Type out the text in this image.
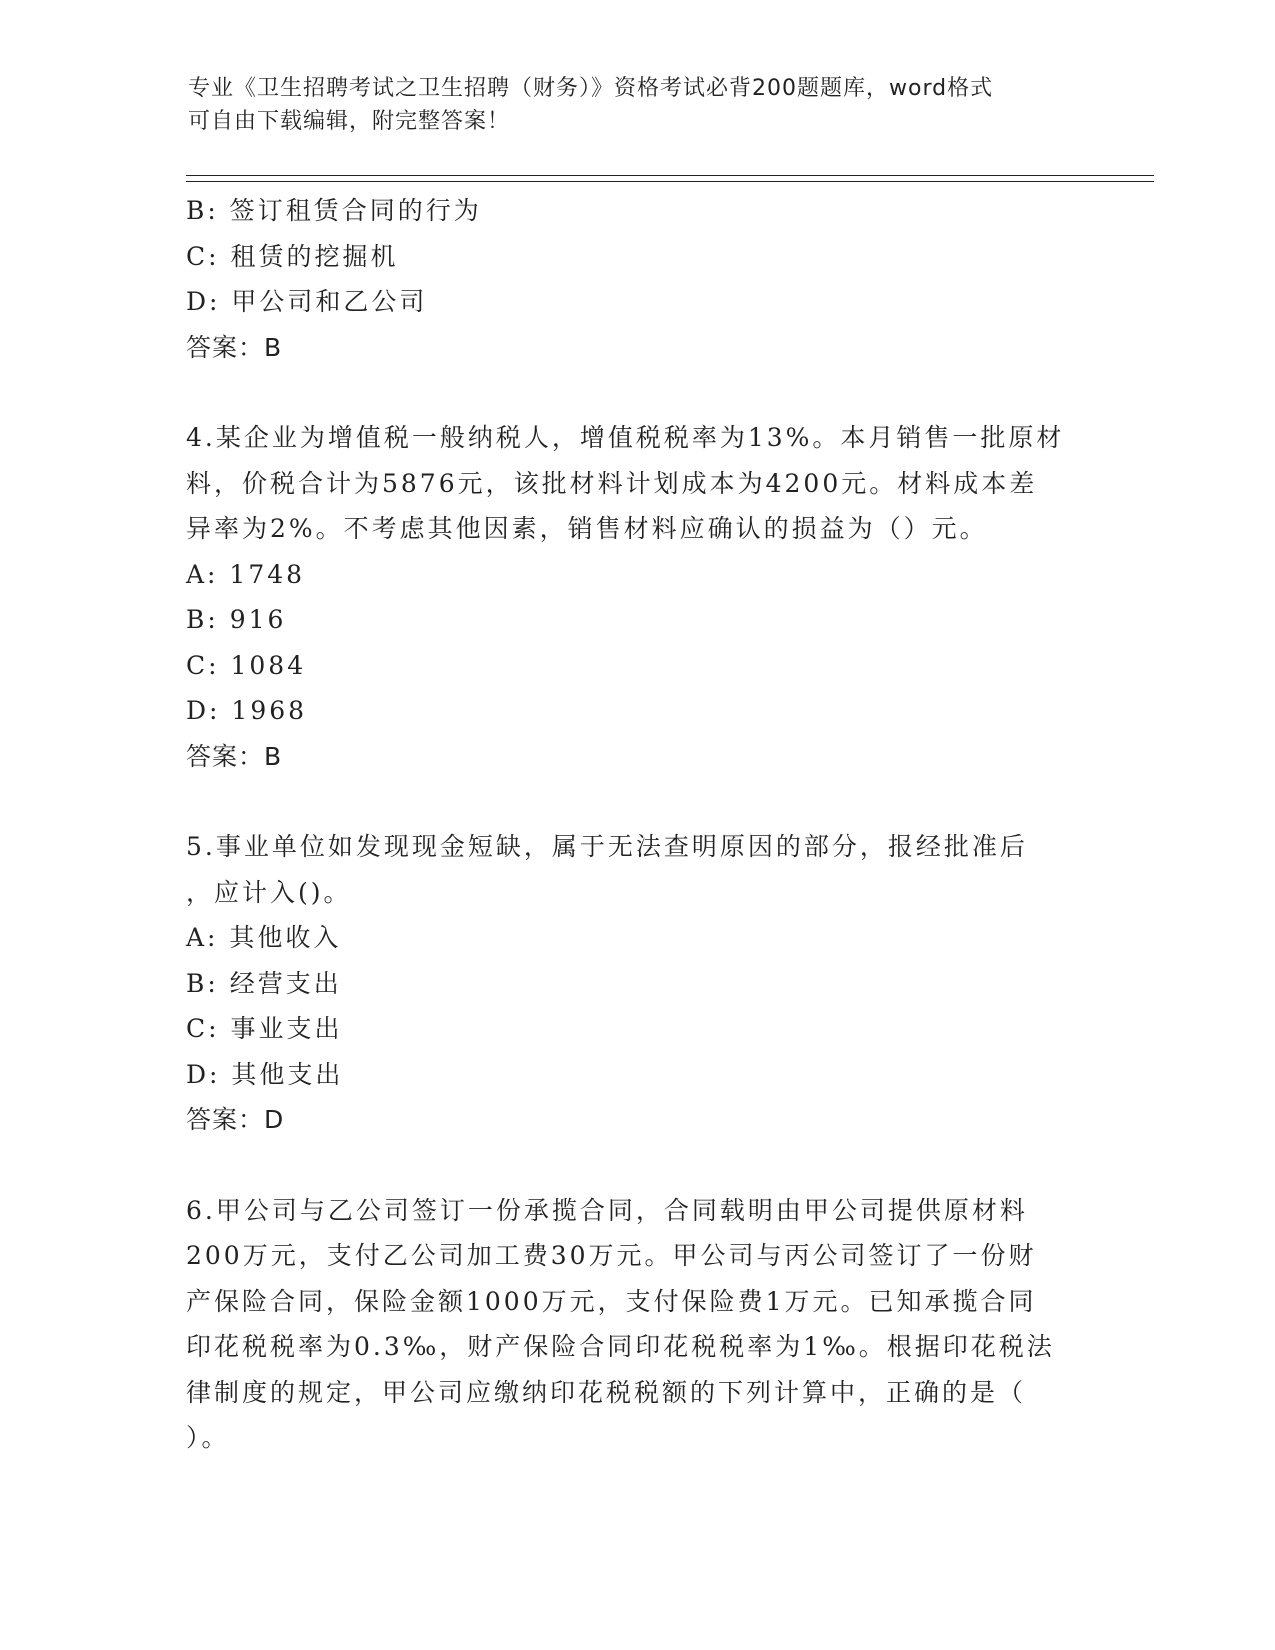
专业《卫生招聘考试之卫生招聘（财务）》资格考试必背200题题库，word格式
可自由下载编辑，附完整答案！
B: 签订租赁合同的行为
C: 租赁的挖掘机
D: 甲公司和乙公司
答案：B
4.某企业为增值税一般纳税人，增值税税率为13%。本月销售一批原材
料，价税合计为5876元，该批材料计划成本为4200元。材料成本差
异率为2%。不考虑其他因素，销售材料应确认的损益为（）元。
A: 1748
B: 916
C: 1084
D: 1968
答案：B
5.事业单位如发现现金短缺，属于无法查明原因的部分，报经批准后
，应计入()。
A: 其他收入
B: 经营支出
C: 事业支出
D: 其他支出
答案：D
6.甲公司与乙公司签订一份承揽合同，合同载明由甲公司提供原材料
200万元，支付乙公司加工费30万元。甲公司与丙公司签订了一份财
产保险合同，保险金额1000万元，支付保险费1万元。已知承揽合同
印花税税率为0.3‰，财产保险合同印花税税率为1‰。根据印花税法
律制度的规定，甲公司应缴纳印花税税额的下列计算中，正确的是（
）。
